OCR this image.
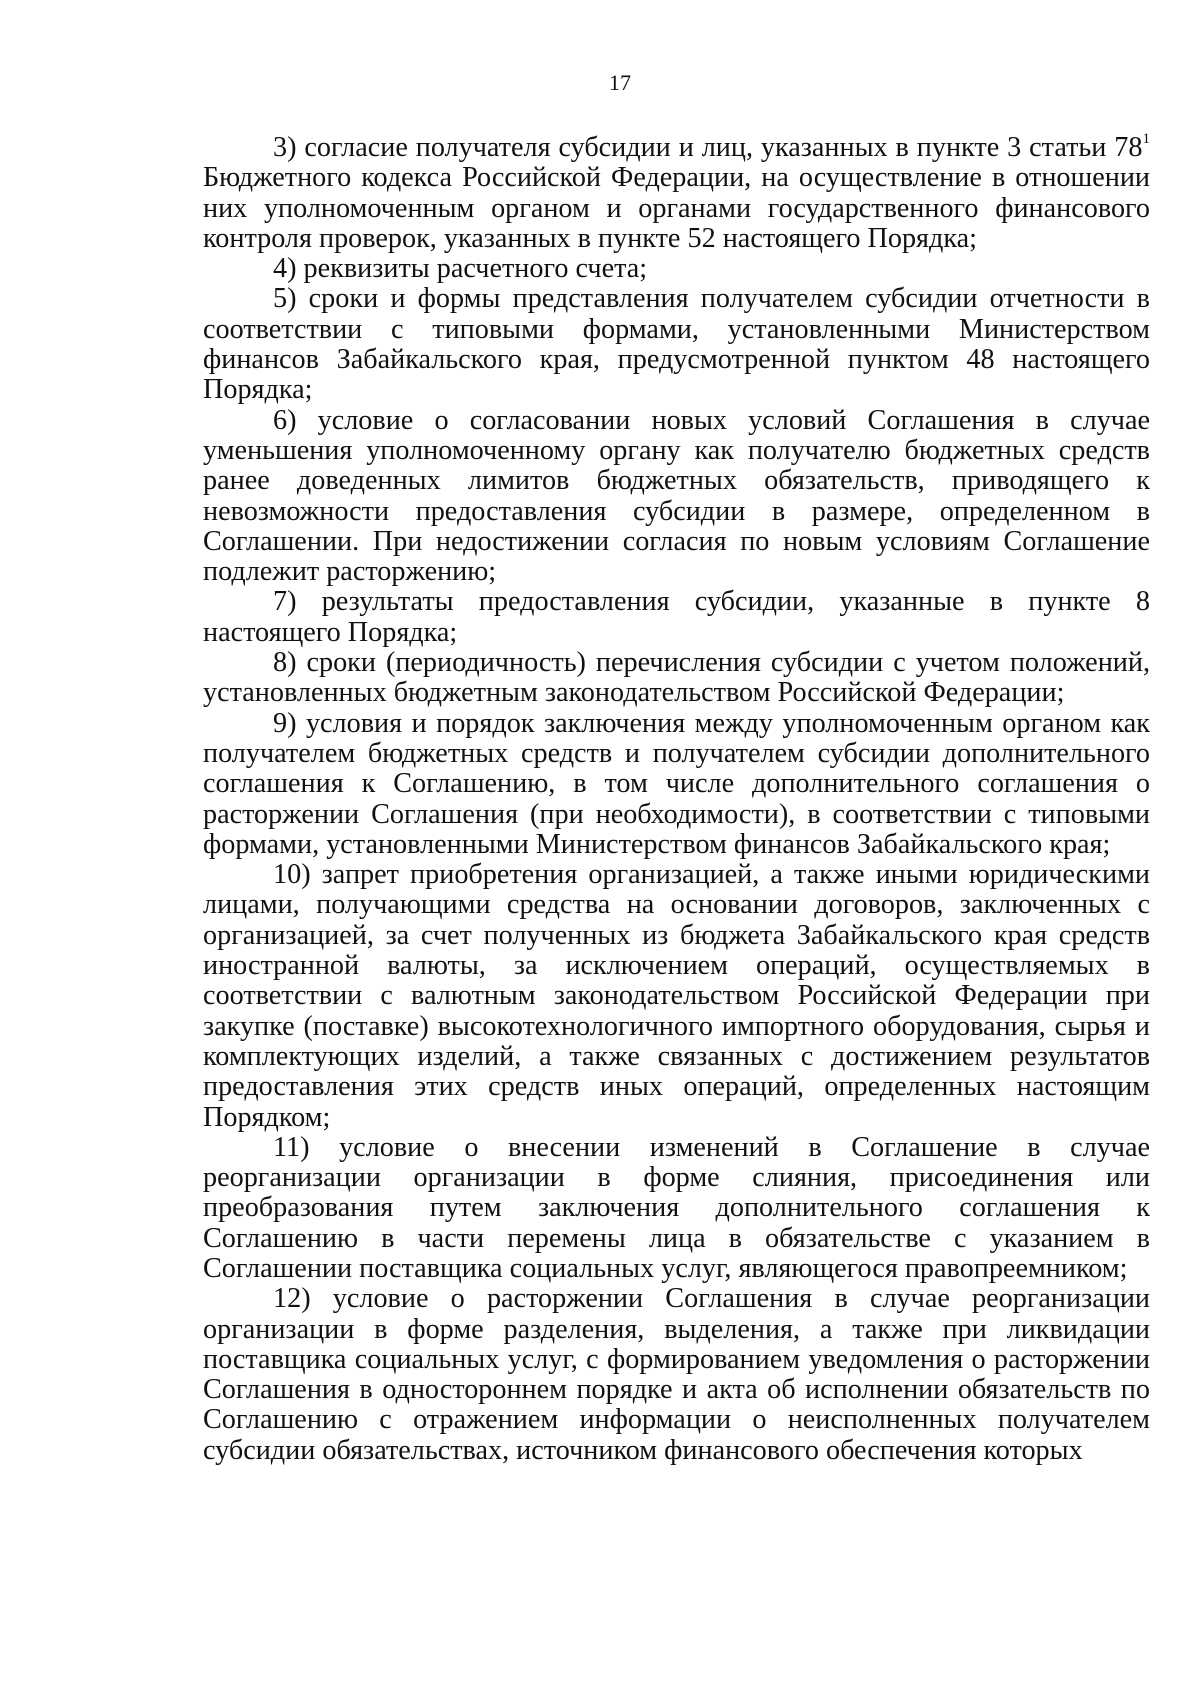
17

3) согласие получателя субсидии и лиц, указанных в пункте 3 статьи $78^1$ Бюджетного кодекса Российской Федерации, на осуществление в отношении них уполномоченным органом и органами государственного финансового контроля проверок, указанных в пункте 52 настоящего Порядка;

4) реквизиты расчетного счета;

5) сроки и формы представления получателем субсидии отчетности в соответствии с типовыми формами, установленными Министерством финансов Забайкальского края, предусмотренной пунктом 48 настоящего Порядка;

6) условие о согласовании новых условий Соглашения в случае уменьшения уполномоченному органу как получателю бюджетных средств ранее доведенных лимитов бюджетных обязательств, приводящего к невозможности предоставления субсидии в размере, определенном в Соглашении. При недостижении согласия по новым условиям Соглашение подлежит расторжению;

7) результаты предоставления субсидии, указанные в пункте 8 настоящего Порядка;

8) сроки (периодичность) перечисления субсидии с учетом положений, установленных бюджетным законодательством Российской Федерации;

9) условия и порядок заключения между уполномоченным органом как получателем бюджетных средств и получателем субсидии дополнительного соглашения к Соглашению, в том числе дополнительного соглашения о расторжении Соглашения (при необходимости), в соответствии с типовыми формами, установленными Министерством финансов Забайкальского края;

10) запрет приобретения организацией, а также иными юридическими лицами, получающими средства на основании договоров, заключенных с организацией, за счет полученных из бюджета Забайкальского края средств иностранной валюты, за исключением операций, осуществляемых в соответствии с валютным законодательством Российской Федерации при закупке (поставке) высокотехнологичного импортного оборудования, сырья и комплектующих изделий, а также связанных с достижением результатов предоставления этих средств иных операций, определенных настоящим Порядком;

11) условие о внесении изменений в Соглашение в случае реорганизации организации в форме слияния, присоединения или преобразования путем заключения дополнительного соглашения к Соглашению в части перемены лица в обязательстве с указанием в Соглашении поставщика социальных услуг, являющегося правопреемником;

12) условие о расторжении Соглашения в случае реорганизации организации в форме разделения, выделения, а также при ликвидации поставщика социальных услуг, с формированием уведомления о расторжении Соглашения в одностороннем порядке и акта об исполнении обязательств по Соглашению с отражением информации о неисполненных получателем субсидии обязательствах, источником финансового обеспечения которых
